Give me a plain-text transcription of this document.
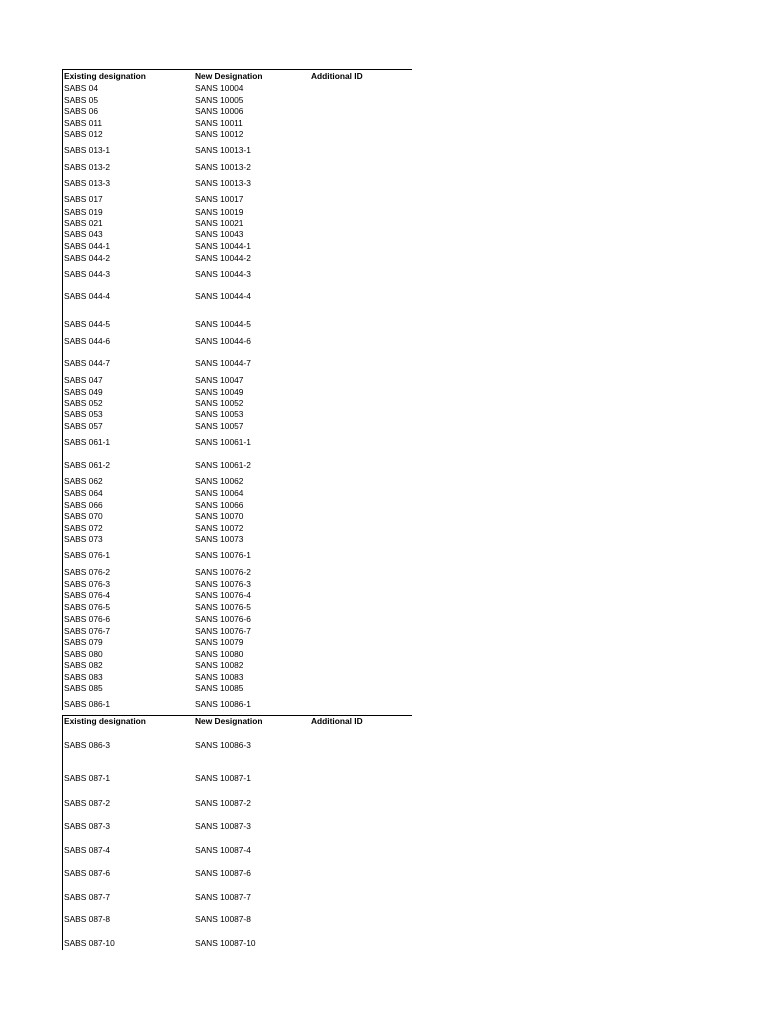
Existing designation	New Designation	Additional ID
SABS 04	SANS 10004
SABS 05	SANS 10005
SABS 06	SANS 10006
SABS 011	SANS 10011
SABS 012	SANS 10012
SABS 013-1	SANS 10013-1
SABS 013-2	SANS 10013-2
SABS 013-3	SANS 10013-3
SABS 017	SANS 10017
SABS 019	SANS 10019
SABS 021	SANS 10021
SABS 043	SANS 10043
SABS 044-1	SANS 10044-1
SABS 044-2	SANS 10044-2
SABS 044-3	SANS 10044-3
SABS 044-4	SANS 10044-4
SABS 044-5	SANS 10044-5
SABS 044-6	SANS 10044-6
SABS 044-7	SANS 10044-7
SABS 047	SANS 10047
SABS 049	SANS 10049
SABS 052	SANS 10052
SABS 053	SANS 10053
SABS 057	SANS 10057
SABS 061-1	SANS 10061-1
SABS 061-2	SANS 10061-2
SABS 062	SANS 10062
SABS 064	SANS 10064
SABS 066	SANS 10066
SABS 070	SANS 10070
SABS 072	SANS 10072
SABS 073	SANS 10073
SABS 076-1	SANS 10076-1
SABS 076-2	SANS 10076-2
SABS 076-3	SANS 10076-3
SABS 076-4	SANS 10076-4
SABS 076-5	SANS 10076-5
SABS 076-6	SANS 10076-6
SABS 076-7	SANS 10076-7
SABS 079	SANS 10079
SABS 080	SANS 10080
SABS 082	SANS 10082
SABS 083	SANS 10083
SABS 085	SANS 10085
SABS 086-1	SANS 10086-1
Existing designation	New Designation	Additional ID
SABS 086-3	SANS 10086-3
SABS 087-1	SANS 10087-1
SABS 087-2	SANS 10087-2
SABS 087-3	SANS 10087-3
SABS 087-4	SANS 10087-4
SABS 087-6	SANS 10087-6
SABS 087-7	SANS 10087-7
SABS 087-8	SANS 10087-8
SABS 087-10	SANS 10087-10
